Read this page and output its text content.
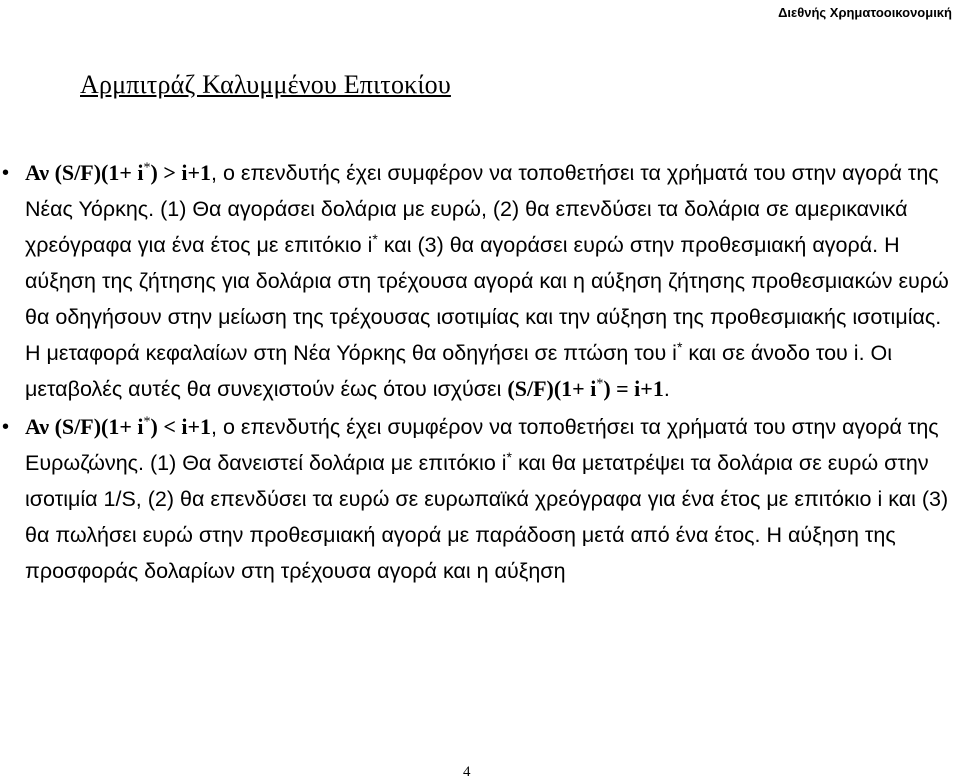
Διεθνής Χρηματοοικονομική
Αρμπιτράζ Καλυμμένου Επιτοκίου
• Αν (S/F)(1+ i*) > i+1, ο επενδυτής έχει συμφέρον να τοποθετήσει τα χρήματά του στην αγορά της Νέας Υόρκης. (1) Θα αγοράσει δολάρια με ευρώ, (2) θα επενδύσει τα δολάρια σε αμερικανικά χρεόγραφα για ένα έτος με επιτόκιο i* και (3) θα αγοράσει ευρώ στην προθεσμιακή αγορά. Η αύξηση της ζήτησης για δολάρια στη τρέχουσα αγορά και η αύξηση ζήτησης προθεσμιακών ευρώ θα οδηγήσουν στην μείωση της τρέχουσας ισοτιμίας και την αύξηση της προθεσμιακής ισοτιμίας. Η μεταφορά κεφαλαίων στη Νέα Υόρκης θα οδηγήσει σε πτώση του i* και σε άνοδο του i. Οι μεταβολές αυτές θα συνεχιστούν έως ότου ισχύσει (S/F)(1+ i*) = i+1.
• Αν (S/F)(1+ i*) < i+1, ο επενδυτής έχει συμφέρον να τοποθετήσει τα χρήματά του στην αγορά της Ευρωζώνης. (1) Θα δανειστεί δολάρια με επιτόκιο i* και θα μετατρέψει τα δολάρια σε ευρώ στην ισοτιμία 1/S, (2) θα επενδύσει τα ευρώ σε ευρωπαϊκά χρεόγραφα για ένα έτος με επιτόκιο i και (3) θα πωλήσει ευρώ στην προθεσμιακή αγορά με παράδοση μετά από ένα έτος. Η αύξηση της προσφοράς δολαρίων στη τρέχουσα αγορά και η αύξηση
4
